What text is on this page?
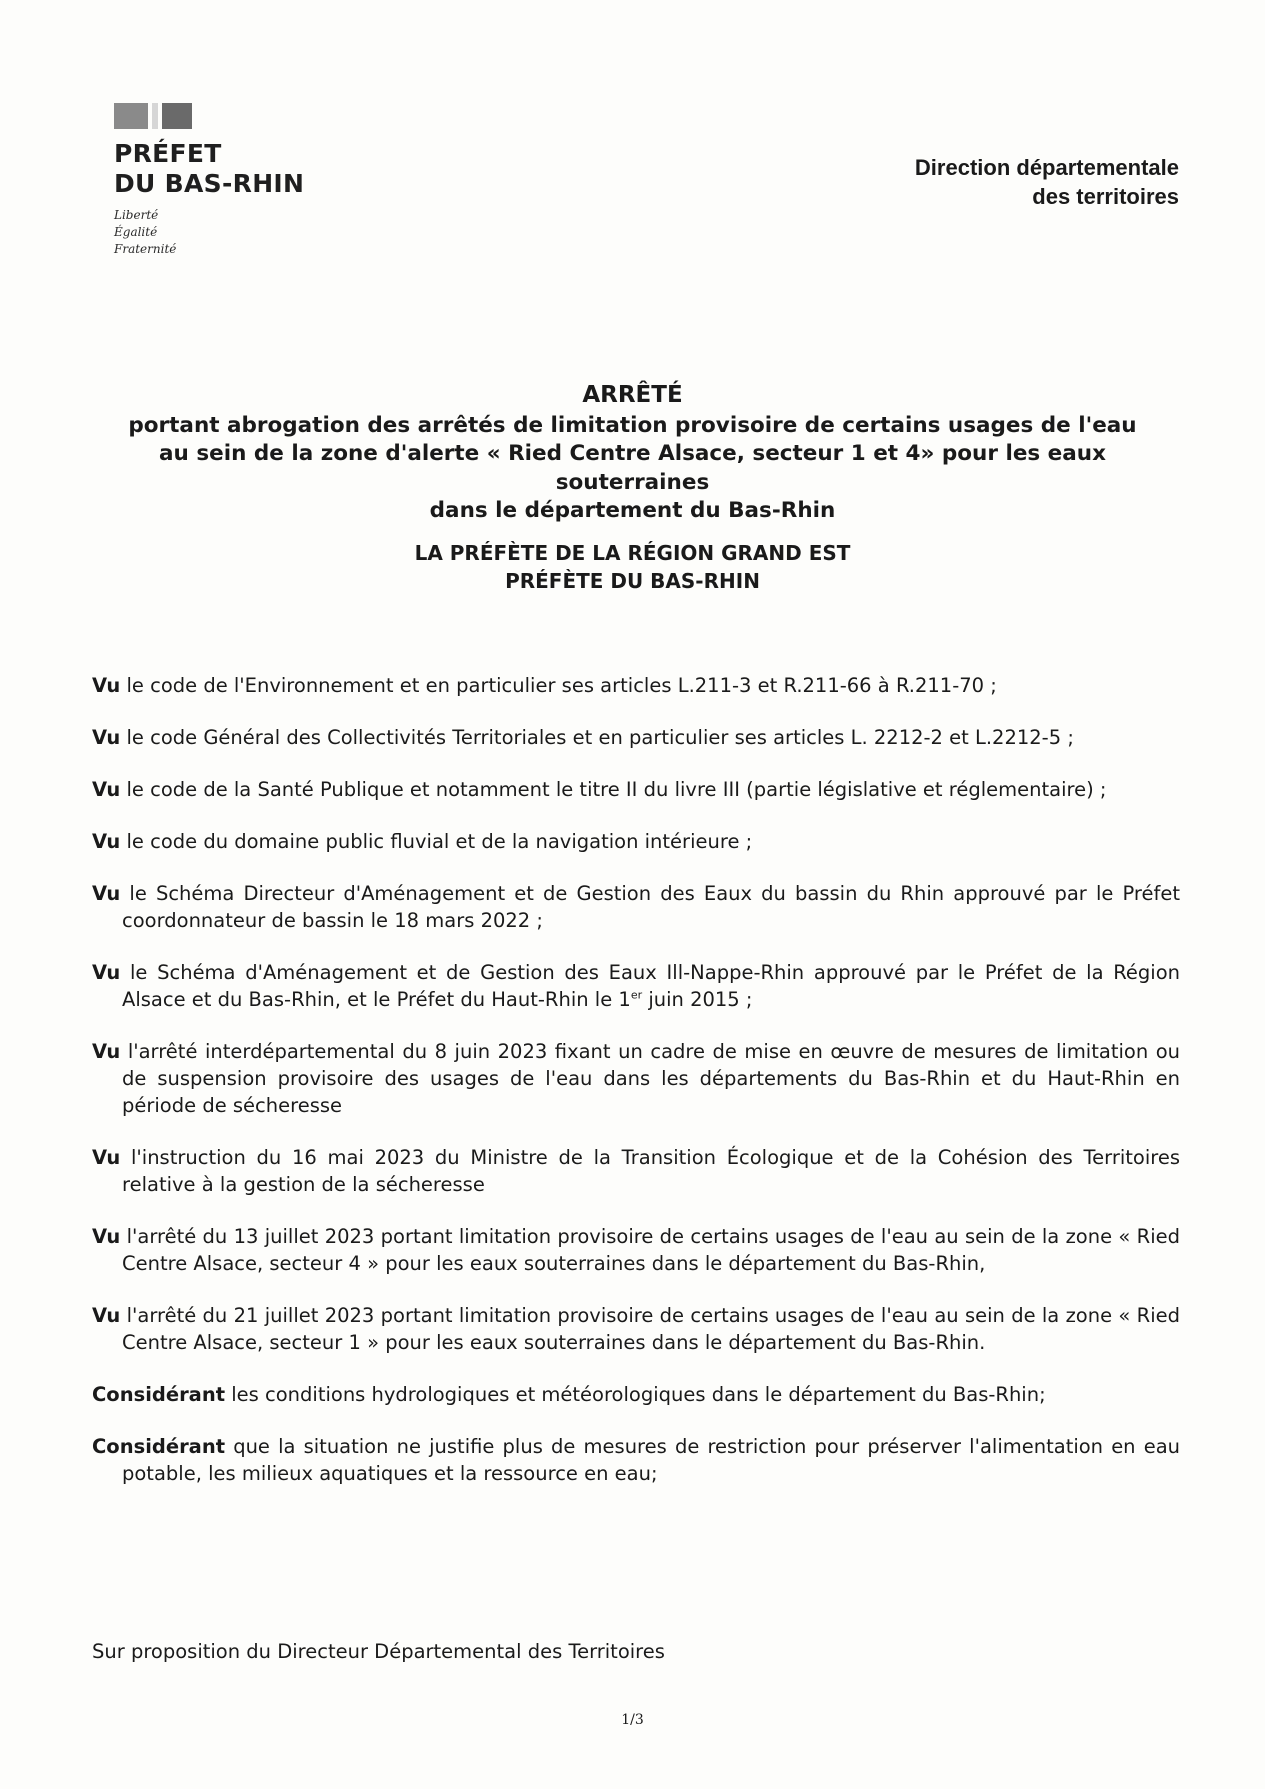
PRÉFET
DU BAS-RHIN
Liberté
Égalité
Fraternité
Direction départementale
des territoires
ARRÊTÉ
portant abrogation des arrêtés de limitation provisoire de certains usages de l'eau
au sein de la zone d'alerte « Ried Centre Alsace, secteur 1 et 4» pour les eaux souterraines
dans le département du Bas-Rhin
LA PRÉFÈTE DE LA RÉGION GRAND EST
PRÉFÈTE DU BAS-RHIN

Vu le code de l'Environnement et en particulier ses articles L.211-3 et R.211-66 à R.211-70 ;

Vu le code Général des Collectivités Territoriales et en particulier ses articles L. 2212-2 et L.2212-5 ;

Vu le code de la Santé Publique et notamment le titre II du livre III (partie législative et réglementaire) ;

Vu le code du domaine public fluvial et de la navigation intérieure ;

Vu le Schéma Directeur d'Aménagement et de Gestion des Eaux du bassin du Rhin approuvé par le Préfet coordonnateur de bassin le 18 mars 2022 ;

Vu le Schéma d'Aménagement et de Gestion des Eaux Ill-Nappe-Rhin approuvé par le Préfet de la Région Alsace et du Bas-Rhin, et le Préfet du Haut-Rhin le 1er juin 2015 ;

Vu l'arrêté interdépartemental du 8 juin 2023 fixant un cadre de mise en œuvre de mesures de limitation ou de suspension provisoire des usages de l'eau dans les départements du Bas-Rhin et du Haut-Rhin en période de sécheresse

Vu l'instruction du 16 mai 2023 du Ministre de la Transition Écologique et de la Cohésion des Territoires relative à la gestion de la sécheresse

Vu l'arrêté du 13 juillet 2023 portant limitation provisoire de certains usages de l'eau au sein de la zone « Ried Centre Alsace, secteur 4 » pour les eaux souterraines dans le département du Bas-Rhin,

Vu l'arrêté du 21 juillet 2023 portant limitation provisoire de certains usages de l'eau au sein de la zone « Ried Centre Alsace, secteur 1 » pour les eaux souterraines dans le département du Bas-Rhin.

Considérant les conditions hydrologiques et météorologiques dans le département du Bas-Rhin;

Considérant que la situation ne justifie plus de mesures de restriction pour préserver l'alimentation en eau potable, les milieux aquatiques et la ressource en eau;

Sur proposition du Directeur Départemental des Territoires
1/3
